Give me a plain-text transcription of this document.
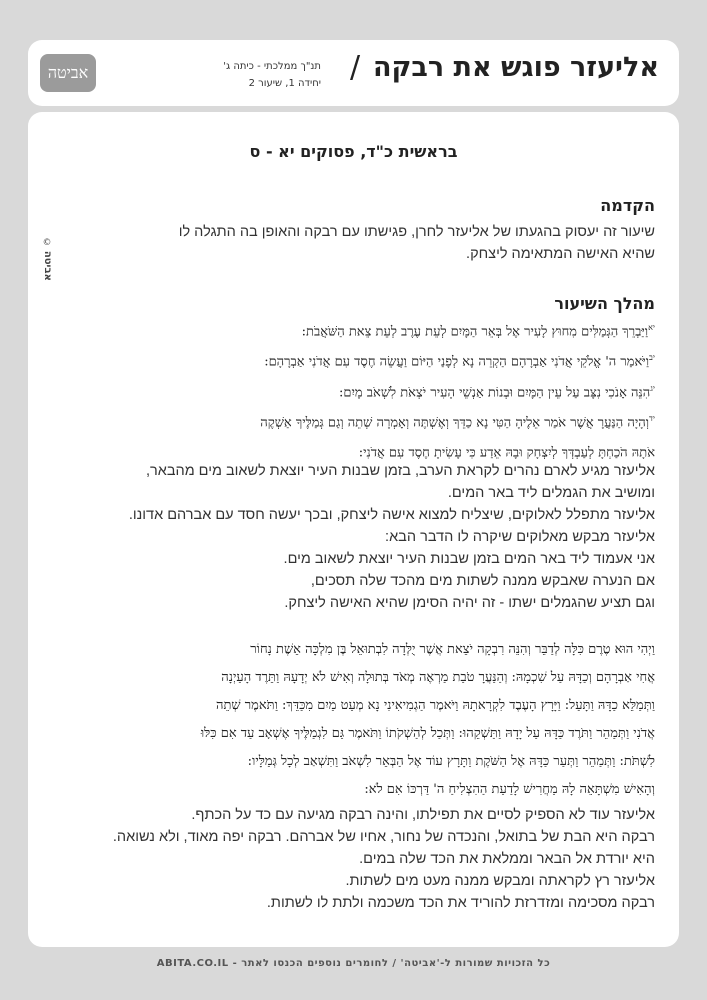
אביטה	תנ"ך ממלכתי - כיתה ג'
יחידה 1, שיעור 2 / אליעזר פוגש את רבקה
© אביטה
בראשית כ"ד, פסוקים יא - ס
הקדמה

שיעור זה יעסוק בהגעתו של אליעזר לחרן, פגישתו עם רבקה והאופן בה התגלה לו

שהיא האישה המתאימה ליצחק.

מהלך השיעור

$^{יא}$וַיַּבְרֵךְ הַגְּמַלִּים מִחוּץ לָעִיר אֶל בְּאֵר הַמָּיִם לְעֵת עֶרֶב לְעֵת צֵאת הַשֹּׁאֲבֹת:

$^{יב}$וַיֹּאמַר ה' אֱלֹקֵי אֲדֹנִי אַבְרָהָם הַקְרֵה נָא לְפָנַי הַיּוֹם וַעֲשֵׂה חֶסֶד עִם אֲדֹנִי אַבְרָהָם:

$^{יג}$הִנֵּה אָנֹכִי נִצָּב עַל עֵין הַמָּיִם וּבְנוֹת אַנְשֵׁי הָעִיר יֹצְאֹת לִשְׁאֹב מָיִם:

$^{יד}$וְהָיָה הַנַּעֲרָ אֲשֶׁר אֹמַר אֵלֶיהָ הַטִּי נָא כַדֵּךְ וְאֶשְׁתֶּה וְאָמְרָה שְׁתֵה וְגַם גְּמַלֶּיךָ אַשְׁקֶה

אֹתָהּ הֹכַחְתָּ לְעַבְדְּךָ לְיִצְחָק וּבָהּ אֵדַע כִּי עָשִׂיתָ חֶסֶד עִם אֲדֹנִי:

אליעזר מגיע לארם נהרים לקראת הערב, בזמן שבנות העיר יוצאת לשאוב מים מהבאר,

ומושיב את הגמלים ליד באר המים.

אליעזר מתפלל לאלוקים, שיצליח למצוא אישה ליצחק, ובכך יעשה חסד עם אברהם אדונו.

אליעזר מבקש מאלוקים שיקרה לו הדבר הבא:

אני אעמוד ליד באר המים בזמן שבנות העיר יוצאת לשאוב מים.

אם הנערה שאבקש ממנה לשתות מים מהכד שלה תסכים,

וגם תציע שהגמלים ישתו - זה יהיה הסימן שהיא האישה ליצחק.

וַיְהִי הוּא טֶרֶם כִּלָּה לְדַבֵּר וְהִנֵּה רִבְקָה יֹצֵאת אֲשֶׁר יֻלְּדָה לִבְתוּאֵל בֶּן מִלְכָּה אֵשֶׁת נָחוֹר

אֲחִי אַבְרָהָם וְכַדָּהּ עַל שִׁכְמָהּ: וְהַנַּעֲרָ טֹבַת מַרְאֶה מְאֹד בְּתוּלָה וְאִישׁ לֹא יְדָעָהּ וַתֵּרֶד הָעַיְנָה

וַתְּמַלֵּא כַדָּהּ וַתָּעַל: וַיָּרָץ הָעֶבֶד לִקְרָאתָהּ וַיֹּאמֶר הַגְמִיאִינִי נָא מְעַט מַיִם מִכַּדֵּךְ: וַתֹּאמֶר שְׁתֵה

אֲדֹנִי וַתְּמַהֵר וַתֹּרֶד כַּדָּהּ עַל יָדָהּ וַתַּשְׁקֵהוּ: וַתְּכַל לְהַשְׁקֹתוֹ וַתֹּאמֶר גַּם לִגְמַלֶּיךָ אֶשְׁאָב עַד אִם כִּלּוּ

לִשְׁתֹּת: וַתְּמַהֵר וַתְּעַר כַּדָּהּ אֶל הַשֹּׁקֶת וַתָּרָץ עוֹד אֶל הַבְּאֵר לִשְׁאֹב וַתִּשְׁאַב לְכָל גְּמַלָּיו:

וְהָאִישׁ מִשְׁתָּאֵה לָהּ מַחֲרִישׁ לָדַעַת הַהִצְלִיחַ ה' דַּרְכּוֹ אִם לֹא:

אליעזר עוד לא הספיק לסיים את תפילתו, והינה רבקה מגיעה עם כד על הכתף.

רבקה היא הבת של בתואל, והנכדה של נחור, אחיו של אברהם. רבקה יפה מאוד, ולא נשואה.

היא יורדת אל הבאר וממלאת את הכד שלה במים.

אליעזר רץ לקראתה ומבקש ממנה מעט מים לשתות.

רבקה מסכימה ומזדרזת להוריד את הכד משכמה ולתת לו לשתות.

כל הזכויות שמורות ל-'אביטה' / לחומרים נוספים הכנסו לאתר - ABITA.CO.IL
